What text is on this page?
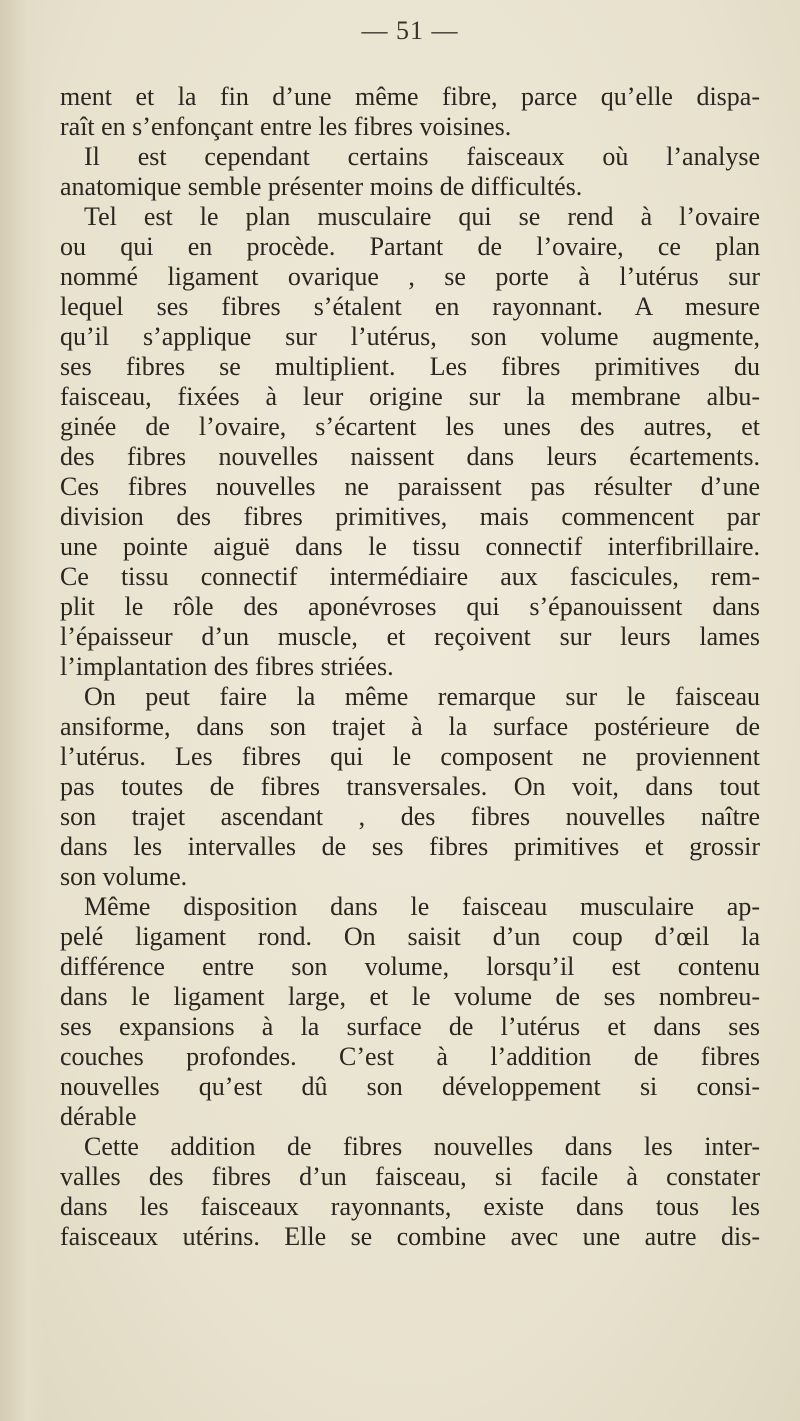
— 51 —
ment et la fin d’une même fibre, parce qu’elle dispa-
raît en s’enfonçant entre les fibres voisines.
Il est cependant certains faisceaux où l’analyse
anatomique semble présenter moins de difficultés.
Tel est le plan musculaire qui se rend à l’ovaire
ou qui en procède. Partant de l’ovaire, ce plan
nommé ligament ovarique , se porte à l’utérus sur
lequel ses fibres s’étalent en rayonnant. A mesure
qu’il s’applique sur l’utérus, son volume augmente,
ses fibres se multiplient. Les fibres primitives du
faisceau, fixées à leur origine sur la membrane albu-
ginée de l’ovaire, s’écartent les unes des autres, et
des fibres nouvelles naissent dans leurs écartements.
Ces fibres nouvelles ne paraissent pas résulter d’une
division des fibres primitives, mais commencent par
une pointe aiguë dans le tissu connectif interfibrillaire.
Ce tissu connectif intermédiaire aux fascicules, rem-
plit le rôle des aponévroses qui s’épanouissent dans
l’épaisseur d’un muscle, et reçoivent sur leurs lames
l’implantation des fibres striées.
On peut faire la même remarque sur le faisceau
ansiforme, dans son trajet à la surface postérieure de
l’utérus. Les fibres qui le composent ne proviennent
pas toutes de fibres transversales. On voit, dans tout
son trajet ascendant , des fibres nouvelles naître
dans les intervalles de ses fibres primitives et grossir
son volume.
Même disposition dans le faisceau musculaire ap-
pelé ligament rond. On saisit d’un coup d’œil la
différence entre son volume, lorsqu’il est contenu
dans le ligament large, et le volume de ses nombreu-
ses expansions à la surface de l’utérus et dans ses
couches profondes. C’est à l’addition de fibres
nouvelles qu’est dû son développement si consi-
dérable
Cette addition de fibres nouvelles dans les inter-
valles des fibres d’un faisceau, si facile à constater
dans les faisceaux rayonnants, existe dans tous les
faisceaux utérins. Elle se combine avec une autre dis-
